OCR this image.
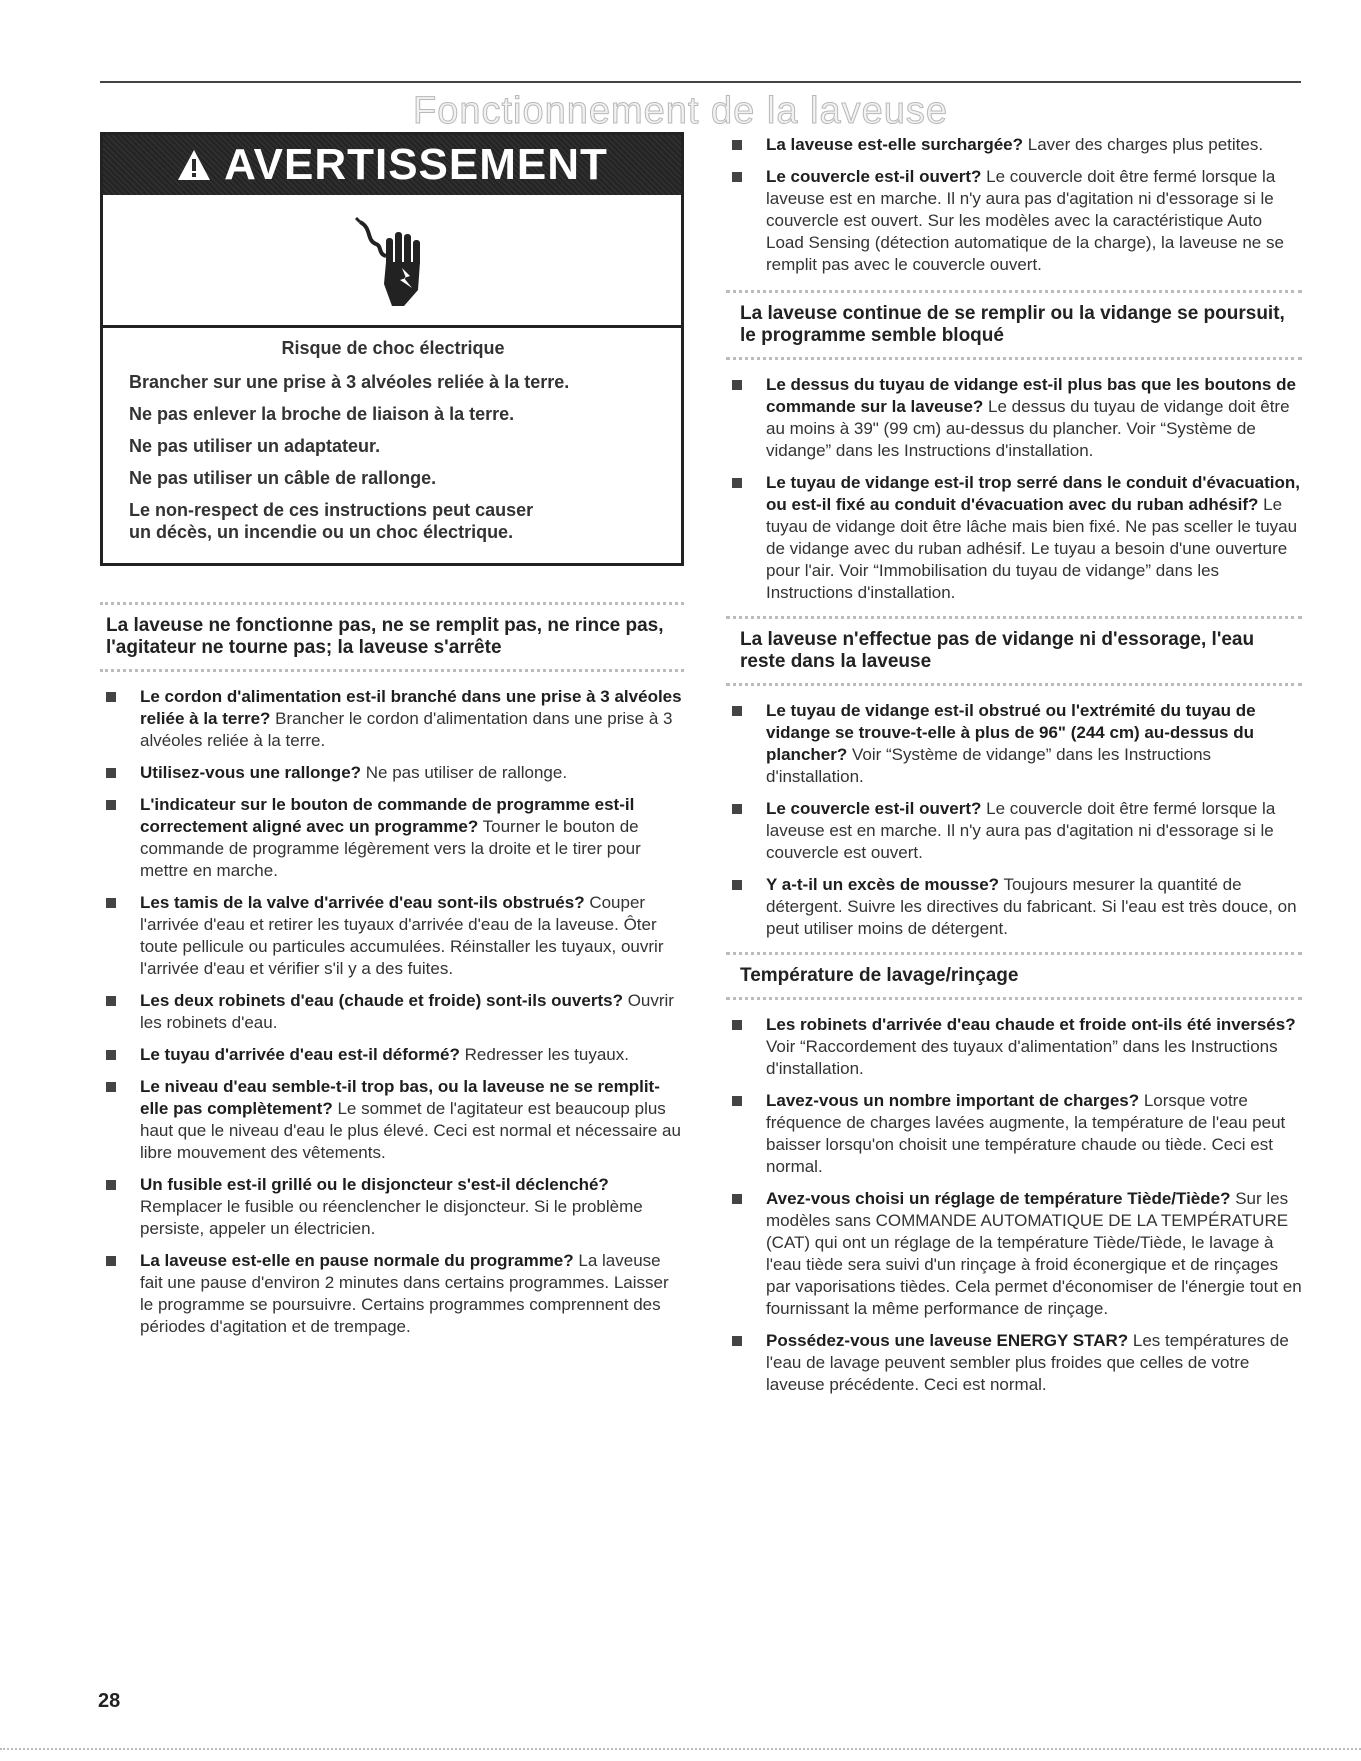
Fonctionnement de la laveuse
AVERTISSEMENT

Risque de choc électrique

Brancher sur une prise à 3 alvéoles reliée à la terre.

Ne pas enlever la broche de liaison à la terre.

Ne pas utiliser un adaptateur.

Ne pas utiliser un câble de rallonge.

Le non-respect de ces instructions peut causer
un décès, un incendie ou un choc électrique.
La laveuse ne fonctionne pas, ne se remplit pas, ne rince pas, l'agitateur ne tourne pas; la laveuse s'arrête
Le cordon d'alimentation est-il branché dans une prise à 3 alvéoles reliée à la terre? Brancher le cordon d'alimentation dans une prise à 3 alvéoles reliée à la terre.
Utilisez-vous une rallonge? Ne pas utiliser de rallonge.
L'indicateur sur le bouton de commande de programme est-il correctement aligné avec un programme? Tourner le bouton de commande de programme légèrement vers la droite et le tirer pour mettre en marche.
Les tamis de la valve d'arrivée d'eau sont-ils obstrués? Couper l'arrivée d'eau et retirer les tuyaux d'arrivée d'eau de la laveuse. Ôter toute pellicule ou particules accumulées. Réinstaller les tuyaux, ouvrir l'arrivée d'eau et vérifier s'il y a des fuites.
Les deux robinets d'eau (chaude et froide) sont-ils ouverts? Ouvrir les robinets d'eau.
Le tuyau d'arrivée d'eau est-il déformé? Redresser les tuyaux.
Le niveau d'eau semble-t-il trop bas, ou la laveuse ne se remplit-elle pas complètement? Le sommet de l'agitateur est beaucoup plus haut que le niveau d'eau le plus élevé. Ceci est normal et nécessaire au libre mouvement des vêtements.
Un fusible est-il grillé ou le disjoncteur s'est-il déclenché? Remplacer le fusible ou réenclencher le disjoncteur. Si le problème persiste, appeler un électricien.
La laveuse est-elle en pause normale du programme? La laveuse fait une pause d'environ 2 minutes dans certains programmes. Laisser le programme se poursuivre. Certains programmes comprennent des périodes d'agitation et de trempage.
La laveuse est-elle surchargée? Laver des charges plus petites.
Le couvercle est-il ouvert? Le couvercle doit être fermé lorsque la laveuse est en marche. Il n'y aura pas d'agitation ni d'essorage si le couvercle est ouvert. Sur les modèles avec la caractéristique Auto Load Sensing (détection automatique de la charge), la laveuse ne se remplit pas avec le couvercle ouvert.
La laveuse continue de se remplir ou la vidange se poursuit, le programme semble bloqué
Le dessus du tuyau de vidange est-il plus bas que les boutons de commande sur la laveuse? Le dessus du tuyau de vidange doit être au moins à 39" (99 cm) au-dessus du plancher. Voir “Système de vidange” dans les Instructions d'installation.
Le tuyau de vidange est-il trop serré dans le conduit d'évacuation, ou est-il fixé au conduit d'évacuation avec du ruban adhésif? Le tuyau de vidange doit être lâche mais bien fixé. Ne pas sceller le tuyau de vidange avec du ruban adhésif. Le tuyau a besoin d'une ouverture pour l'air. Voir “Immobilisation du tuyau de vidange” dans les Instructions d'installation.
La laveuse n'effectue pas de vidange ni d'essorage, l'eau reste dans la laveuse
Le tuyau de vidange est-il obstrué ou l'extrémité du tuyau de vidange se trouve-t-elle à plus de 96" (244 cm) au-dessus du plancher? Voir “Système de vidange” dans les Instructions d'installation.
Le couvercle est-il ouvert? Le couvercle doit être fermé lorsque la laveuse est en marche. Il n'y aura pas d'agitation ni d'essorage si le couvercle est ouvert.
Y a-t-il un excès de mousse? Toujours mesurer la quantité de détergent. Suivre les directives du fabricant. Si l'eau est très douce, on peut utiliser moins de détergent.
Température de lavage/rinçage
Les robinets d'arrivée d'eau chaude et froide ont-ils été inversés? Voir “Raccordement des tuyaux d'alimentation” dans les Instructions d'installation.
Lavez-vous un nombre important de charges? Lorsque votre fréquence de charges lavées augmente, la température de l'eau peut baisser lorsqu'on choisit une température chaude ou tiède. Ceci est normal.
Avez-vous choisi un réglage de température Tiède/Tiède? Sur les modèles sans COMMANDE AUTOMATIQUE DE LA TEMPÉRATURE (CAT) qui ont un réglage de la température Tiède/Tiède, le lavage à l'eau tiède sera suivi d'un rinçage à froid éconergique et de rinçages par vaporisations tièdes. Cela permet d'économiser de l'énergie tout en fournissant la même performance de rinçage.
Possédez-vous une laveuse ENERGY STAR? Les températures de l'eau de lavage peuvent sembler plus froides que celles de votre laveuse précédente. Ceci est normal.
28
